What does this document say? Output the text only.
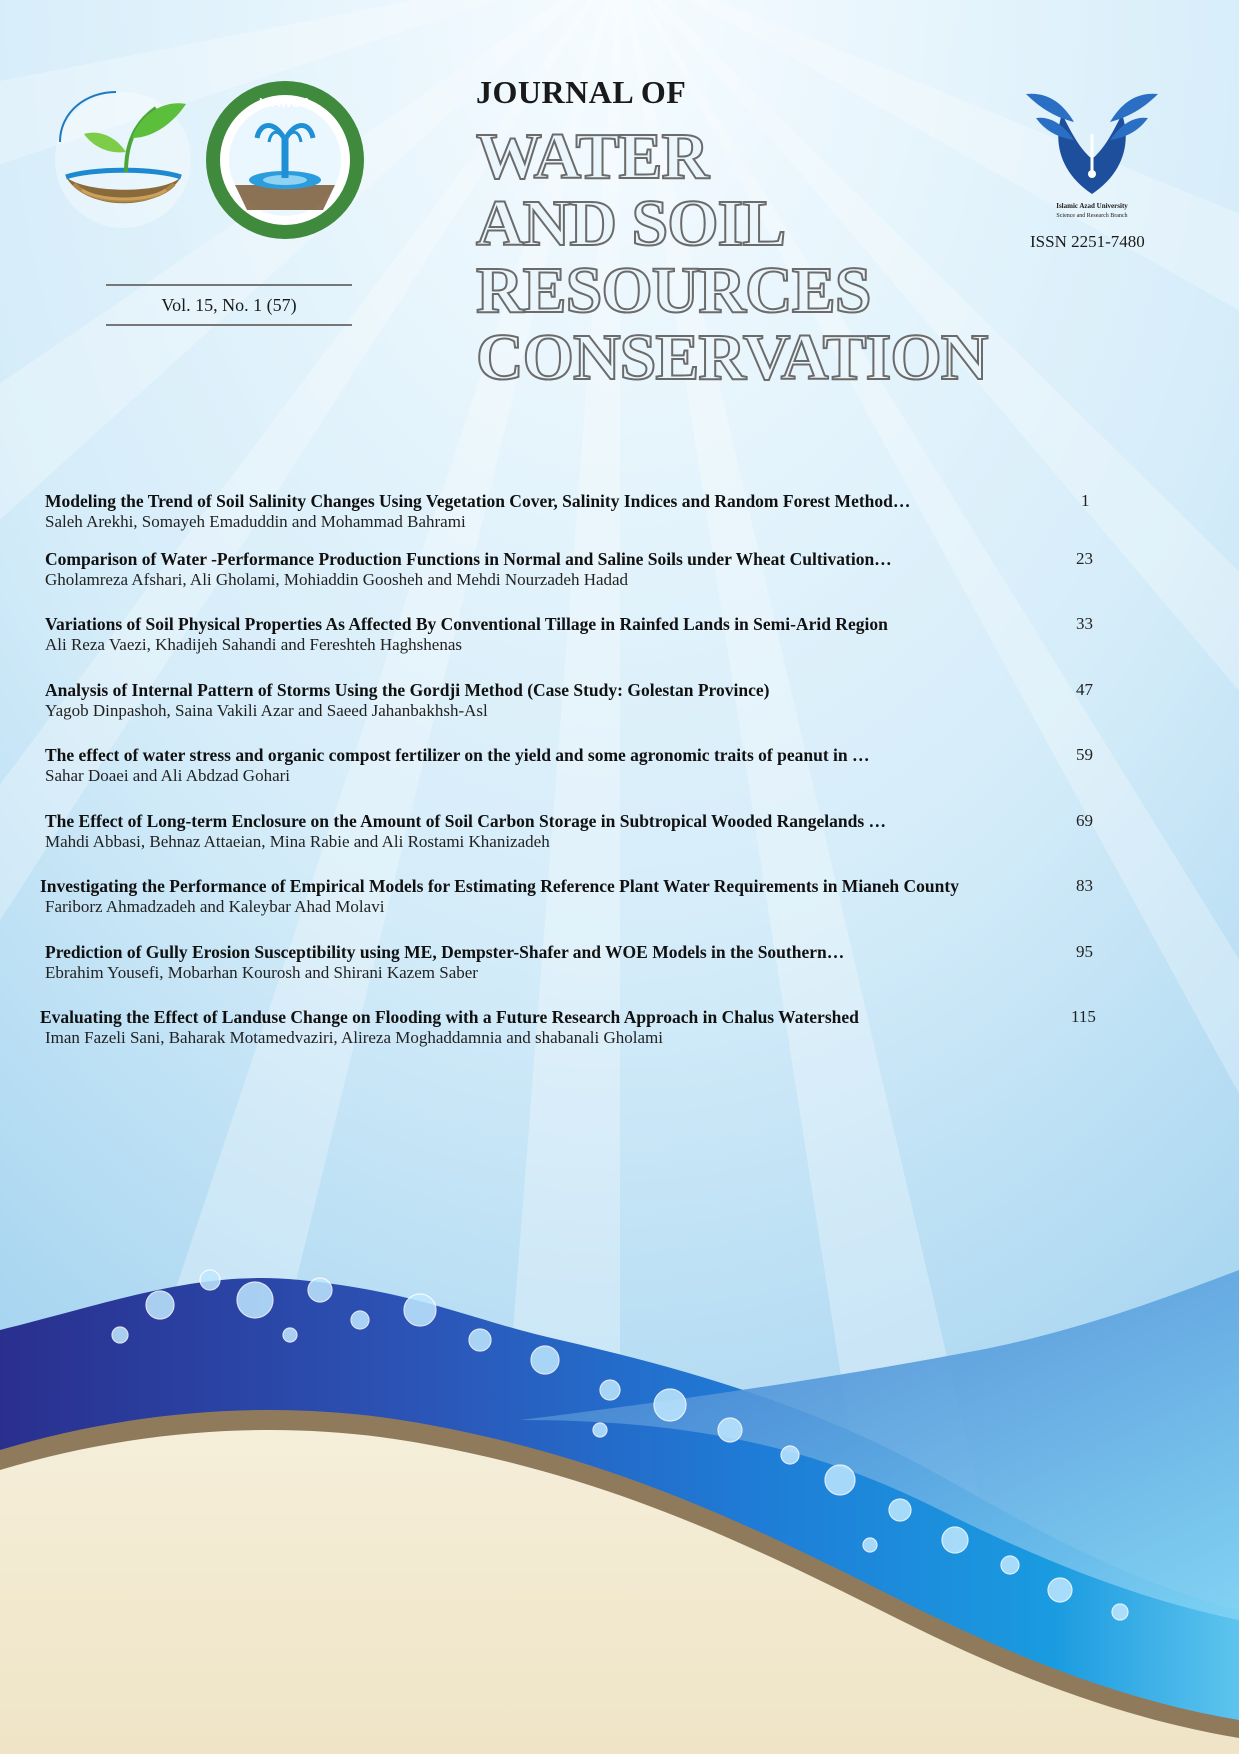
ISAWDA
Islamic Azad University
Science and Research Branch
ISSN 2251-7480
Vol. 15, No. 1 (57)
JOURNAL OF
WATER
AND SOIL
RESOURCES
CONSERVATION
Modeling the Trend of Soil Salinity Changes Using Vegetation Cover, Salinity Indices and Random Forest Method…
Saleh Arekhi, Somayeh Emaduddin and Mohammad Bahrami
1
Comparison of Water -Performance Production Functions in Normal and Saline Soils under Wheat Cultivation…
Gholamreza Afshari, Ali Gholami, Mohiaddin Goosheh and Mehdi Nourzadeh Hadad
23
Variations of Soil Physical Properties As Affected By Conventional Tillage in Rainfed Lands in Semi-Arid Region
Ali Reza Vaezi, Khadijeh Sahandi and Fereshteh Haghshenas
33
Analysis of Internal Pattern of Storms Using the Gordji Method (Case Study: Golestan Province)
Yagob Dinpashoh, Saina Vakili Azar and Saeed Jahanbakhsh-Asl
47
The effect of water stress and organic compost fertilizer on the yield and some agronomic traits of peanut in …
Sahar Doaei and Ali Abdzad Gohari
59
The Effect of Long-term Enclosure on the Amount of Soil Carbon Storage in Subtropical Wooded Rangelands …
Mahdi Abbasi, Behnaz Attaeian, Mina Rabie and Ali Rostami Khanizadeh
69
Investigating the Performance of Empirical Models for Estimating Reference Plant Water Requirements in Mianeh County
Fariborz Ahmadzadeh and Kaleybar Ahad Molavi
83
Prediction of Gully Erosion Susceptibility using ME, Dempster-Shafer and WOE Models in the Southern…
Ebrahim Yousefi, Mobarhan Kourosh and Shirani Kazem Saber
95
Evaluating the Effect of Landuse Change on Flooding with a Future Research Approach in Chalus Watershed
Iman Fazeli Sani, Baharak Motamedvaziri, Alireza Moghaddamnia and shabanali Gholami
115
